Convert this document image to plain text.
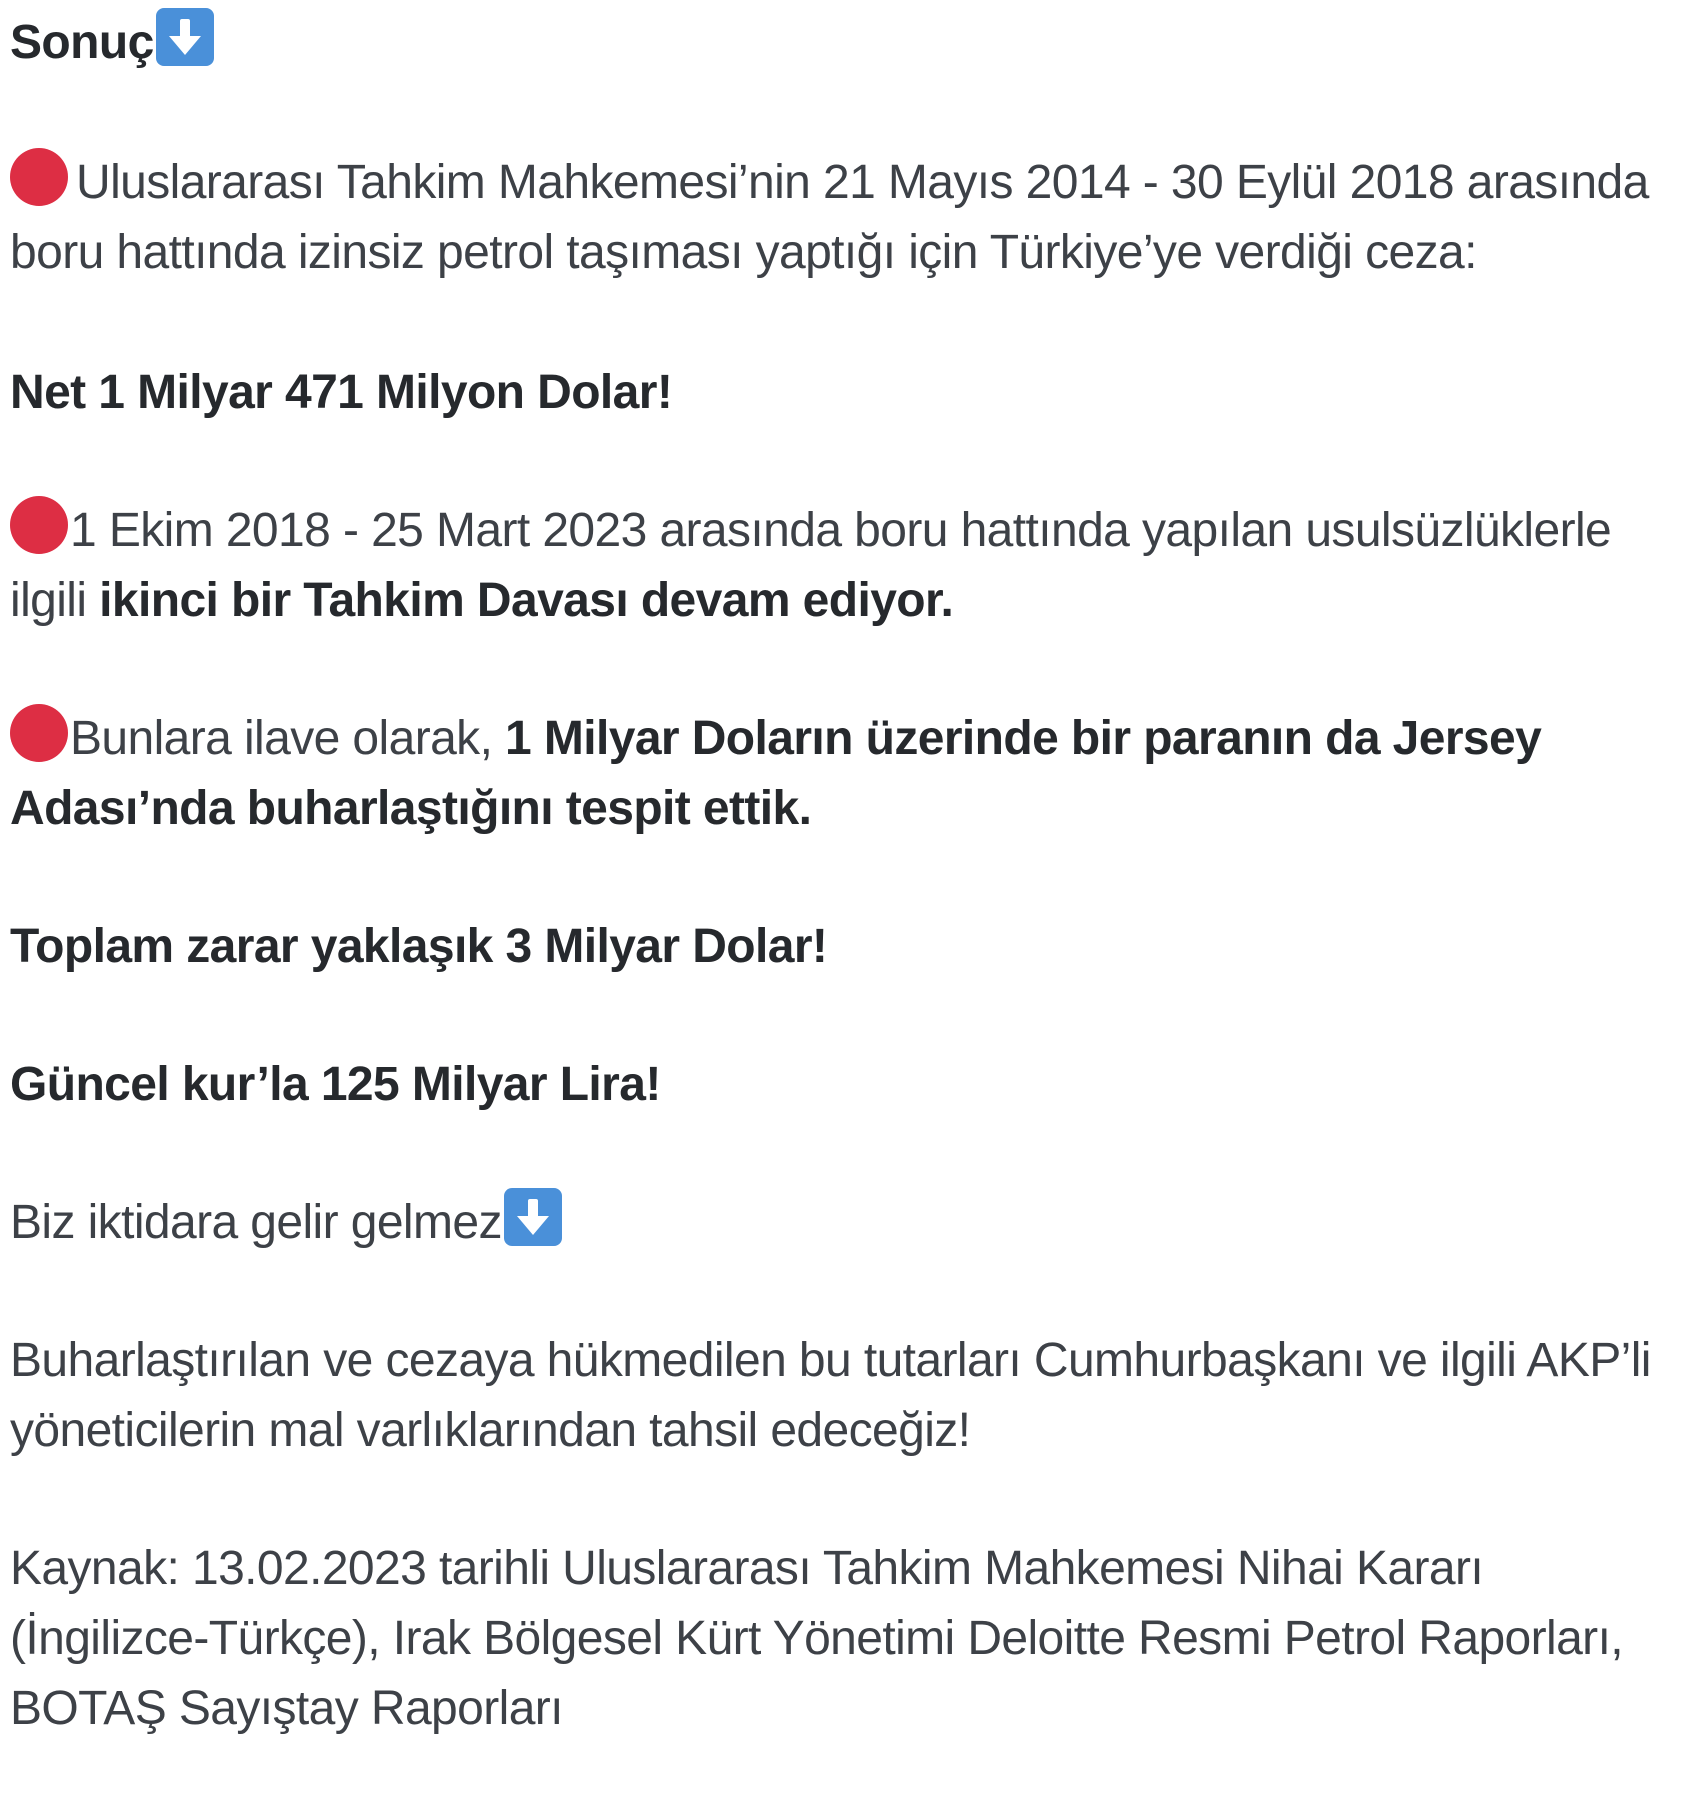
Sonuç

Uluslararası Tahkim Mahkemesi’nin 21 Mayıs 2014 - 30 Eylül 2018 arasında boru hattında izinsiz petrol taşıması yaptığı için Türkiye’ye verdiği ceza:

Net 1 Milyar 471 Milyon Dolar!

1 Ekim 2018 - 25 Mart 2023 arasında boru hattında yapılan usulsüzlüklerle ilgili ikinci bir Tahkim Davası devam ediyor.

Bunlara ilave olarak, 1 Milyar Doların üzerinde bir paranın da Jersey Adası’nda buharlaştığını tespit ettik.

Toplam zarar yaklaşık 3 Milyar Dolar!

Güncel kur’la 125 Milyar Lira!

Biz iktidara gelir gelmez

Buharlaştırılan ve cezaya hükmedilen bu tutarları Cumhurbaşkanı ve ilgili AKP’li yöneticilerin mal varlıklarından tahsil edeceğiz!

Kaynak: 13.02.2023 tarihli Uluslararası Tahkim Mahkemesi Nihai Kararı (İngilizce-Türkçe), Irak Bölgesel Kürt Yönetimi Deloitte Resmi Petrol Raporları, BOTAŞ Sayıştay Raporları
